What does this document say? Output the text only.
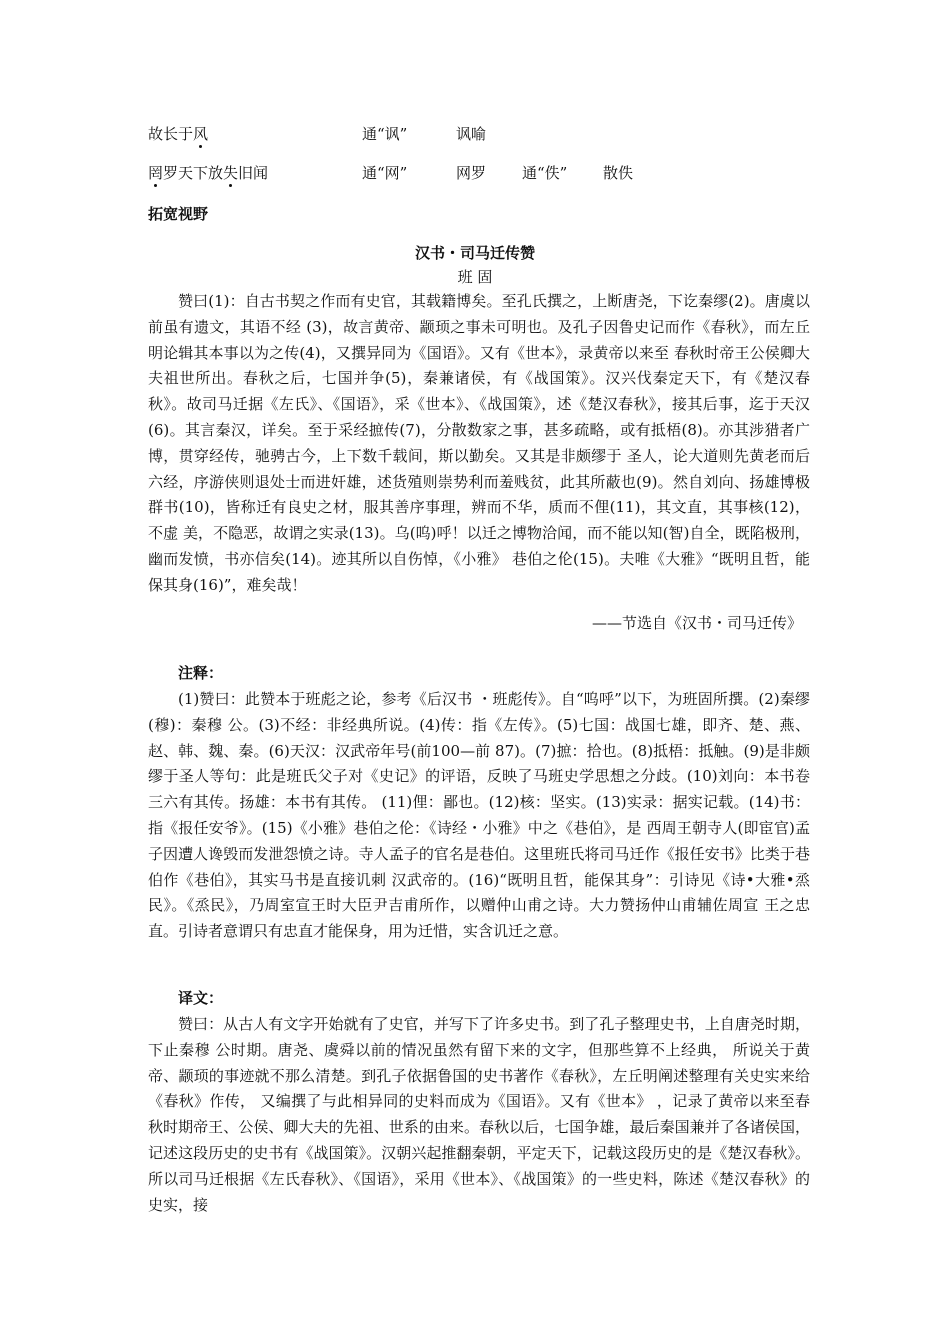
故长于风	通“讽”	讽喻
罔罗天下放失旧闻	通“网”	网罗 通“佚” 散佚
拓宽视野
汉书・司马迁传赞
班 固

赞曰(1)：自古书契之作而有史官，其载籍博矣。至孔氏撰之，上断唐尧，下讫秦缪(2)。唐虞以前虽有遗文，其语不经 (3)，故言黄帝、颛顼之事未可明也。及孔子因鲁史记而作《春秋》，而左丘明论辑其本事以为之传(4)，又撰异同为《国语》。又有《世本》，录黄帝以来至 春秋时帝王公侯卿大夫祖世所出。春秋之后，七国并争(5)，秦兼诸侯，有《战国策》。汉兴伐秦定天下，有《楚汉春秋》。故司马迁据《左氏》、《国语》，采《世本》、《战国策》，述《楚汉春秋》，接其后事，迄于天汉(6)。其言秦汉，详矣。至于采经摭传(7)，分散数家之事，甚多疏略，或有抵梧(8)。亦其涉猎者广博，贯穿经传，驰骋古今，上下数千载间，斯以勤矣。又其是非颇缪于 圣人，论大道则先黄老而后六经，序游侠则退处士而进奸雄，述货殖则崇势利而羞贱贫，此其所蔽也(9)。然自刘向、扬雄博极群书(10)，皆称迁有良史之材，服其善序事理，辨而不华，质而不俚(11)，其文直，其事核(12)，不虚 美，不隐恶，故谓之实录(13)。乌(呜)呼！以迁之博物洽闻，而不能以知(智)自全，既陷极刑，幽而发愤，书亦信矣(14)。迹其所以自伤悼，《小雅》 巷伯之伦(15)。夫唯《大雅》“既明且哲，能保其身(16)”，难矣哉！

——节选自《汉书・司马迁传》
注释：

(1)赞曰：此赞本于班彪之论，参考《后汉书 ・班彪传》。自“呜呼”以下，为班固所撰。(2)秦缪(穆)：秦穆 公。(3)不经：非经典所说。(4)传：指《左传》。(5)七国：战国七雄，即齐、楚、燕、赵、韩、魏、秦。(6)天汉：汉武帝年号(前100—前 87)。(7)摭：拾也。(8)抵梧：抵触。(9)是非颇缪于圣人等句：此是班氏父子对《史记》的评语，反映了马班史学思想之分歧。(10)刘向：本书卷 三六有其传。扬雄：本书有其传。 (11)俚：鄙也。(12)核：坚实。(13)实录：据实记载。(14)书：指《报任安爷》。(15)《小雅》巷伯之伦：《诗经・小雅》中之《巷伯》，是 西周王朝寺人(即宦官)孟子因遭人谗毁而发泄怨愤之诗。寺人孟子的官名是巷伯。这里班氏将司马迁作《报任安书》比类于巷伯作《巷伯》，其实马书是直接讥刺 汉武帝的。(16)“既明且哲，能保其身”：引诗见《诗•大雅•烝民》。《烝民》，乃周室宣王时大臣尹吉甫所作，以赠仲山甫之诗。大力赞扬仲山甫辅佐周宣 王之忠直。引诗者意谓只有忠直才能保身，用为迁惜，实含讥迁之意。

译文：

赞曰：从古人有文字开始就有了史官，并写下了许多史书。到了孔子整理史书，上自唐尧时期，下止秦穆 公时期。唐尧、虞舜以前的情况虽然有留下来的文字，但那些算不上经典， 所说关于黄帝、颛顼的事迹就不那么清楚。到孔子依据鲁国的史书著作《春秋》，左丘明阐述整理有关史实来给《春秋》作传， 又编撰了与此相异同的史料而成为《国语》。又有《世本》 ，记录了黄帝以来至春秋时期帝王、公侯、卿大夫的先祖、世系的由来。春秋以后，七国争雄，最后秦国兼并了各诸侯国，记述这段历史的史书有《战国策》。汉朝兴起推翻秦朝，平定天下，记载这段历史的是《楚汉春秋》。所以司马迁根据《左氏春秋》、《国语》，采用《世本》、《战国策》的一些史料，陈述《楚汉春秋》的史实，接
